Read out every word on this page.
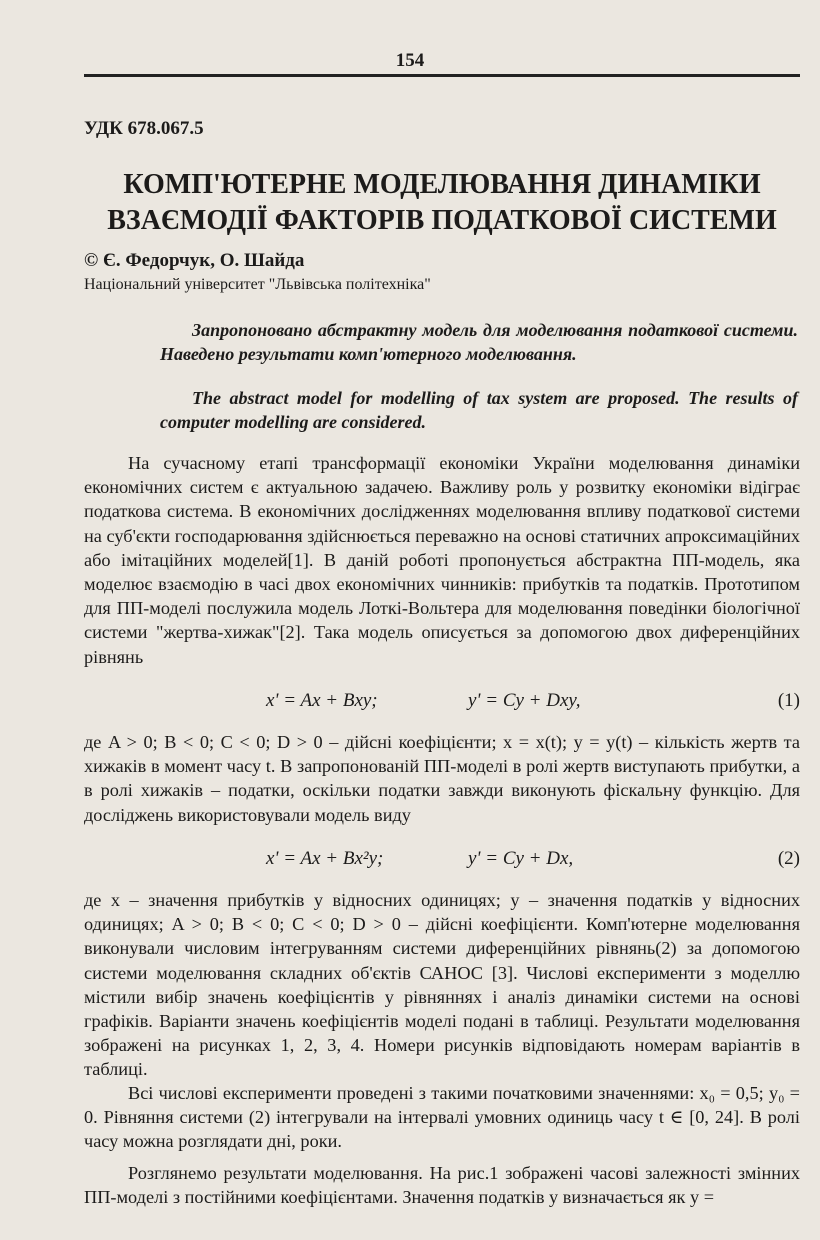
154
УДК 678.067.5
КОМП'ЮТЕРНЕ МОДЕЛЮВАННЯ ДИНАМІКИ
ВЗАЄМОДІЇ ФАКТОРІВ ПОДАТКОВОЇ СИСТЕМИ
© Є. Федорчук, О. Шайда
Національний університет "Львівська політехніка"
Запропоновано абстрактну модель для моделювання податкової системи. Наведено результати комп'ютерного моделювання.
The abstract model for modelling of tax system are proposed. The results of computer modelling are considered.

На сучасному етапі трансформації економіки України моделювання динаміки економічних систем є актуальною задачею. Важливу роль у розвитку економіки відіграє податкова система. В економічних дослідженнях моделювання впливу податкової системи на суб'єкти господарювання здійснюється переважно на основі статичних апроксимаційних або імітаційних моделей[1]. В даній роботі пропонується абстрактна ПП-модель, яка моделює взаємодію в часі двох економічних чинників: прибутків та податків. Прототипом для ПП-моделі послужила модель Лоткі-Вольтера для моделювання поведінки біологічної системи "жертва-хижак"[2]. Така модель описується за допомогою двох диференційних рівнянь

x' = Ax + Bxy;	y' = Cy + Dxy,	(1)

де A > 0; B < 0; C < 0; D > 0 – дійсні коефіцієнти; x = x(t); y = y(t) – кількість жертв та хижаків в момент часу t. В запропонованій ПП-моделі в ролі жертв виступають прибутки, а в ролі хижаків – податки, оскільки податки завжди виконують фіскальну функцію. Для досліджень використовували модель виду

x' = Ax + Bx²y;	y' = Cy + Dx,	(2)

де x – значення прибутків у відносних одиницях; y – значення податків у відносних одиницях; A > 0; B < 0; C < 0; D > 0 – дійсні коефіцієнти. Комп'ютерне моделювання виконували числовим інтегруванням системи диференційних рівнянь(2) за допомогою системи моделювання складних об'єктів САНОС [3]. Числові експерименти з моделлю містили вибір значень коефіцієнтів у рівняннях і аналіз динаміки системи на основі графіків. Варіанти значень коефіцієнтів моделі подані в таблиці. Результати моделювання зображені на рисунках 1, 2, 3, 4. Номери рисунків відповідають номерам варіантів в таблиці.

Всі числові експерименти проведені з такими початковими значеннями: x₀ = 0,5; y₀ = 0. Рівняння системи (2) інтегрували на інтервалі умовних одиниць часу t ∈ [0, 24]. В ролі часу можна розглядати дні, роки.

Розглянемо результати моделювання. На рис.1 зображені часові залежності змінних ПП-моделі з постійними коефіцієнтами. Значення податків y визначається як y =
